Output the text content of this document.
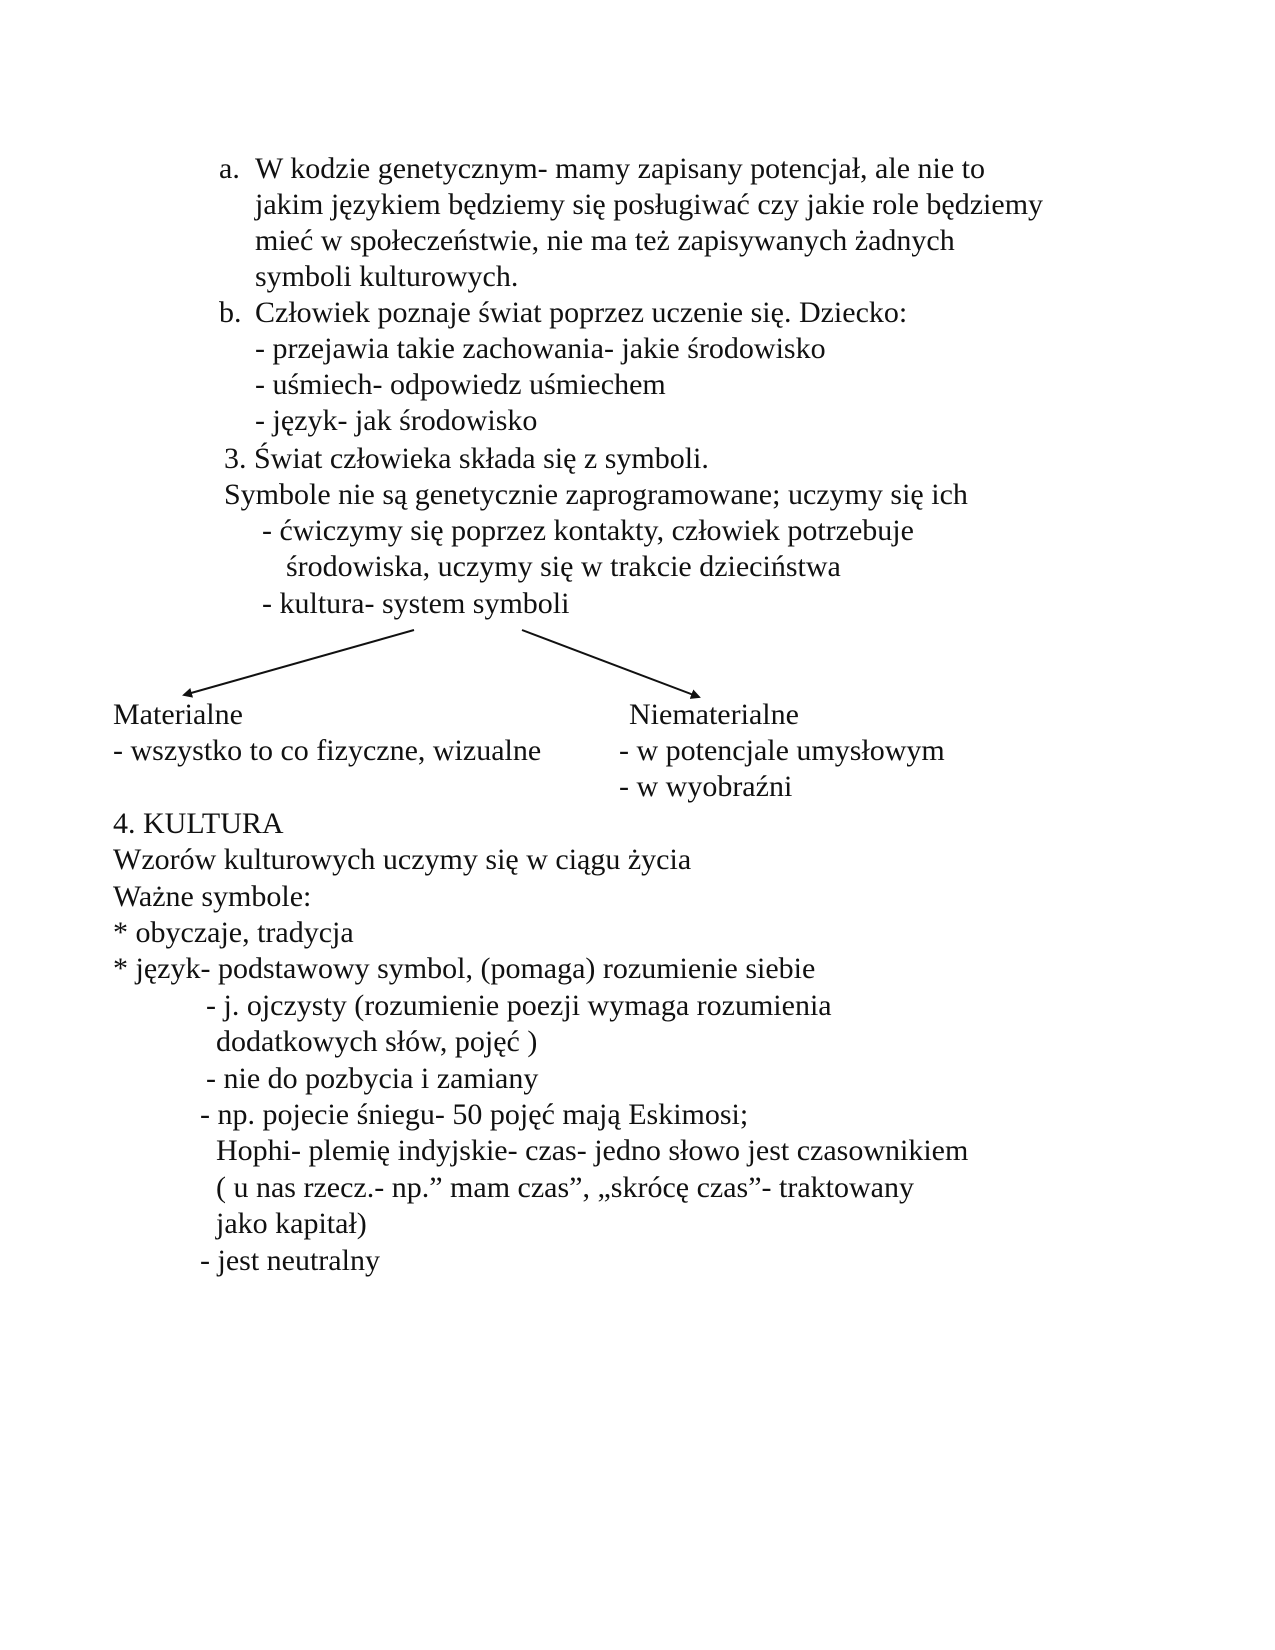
a. W kodzie genetycznym- mamy zapisany potencjał, ale nie to
jakim językiem będziemy się posługiwać czy jakie role będziemy
mieć w społeczeństwie, nie ma też zapisywanych żadnych
symboli kulturowych.
b. Człowiek poznaje świat poprzez uczenie się. Dziecko:
- przejawia takie zachowania- jakie środowisko
- uśmiech- odpowiedz uśmiechem
- język- jak środowisko
3. Świat człowieka składa się z symboli.
Symbole nie są genetycznie zaprogramowane; uczymy się ich
- ćwiczymy się poprzez kontakty, człowiek potrzebuje
środowiska, uczymy się w trakcie dzieciństwa
- kultura- system symboli
Materialne
- wszystko to co fizyczne, wizualne
Niematerialne
- w potencjale umysłowym
- w wyobraźni
4. KULTURA
Wzorów kulturowych uczymy się w ciągu życia
Ważne symbole:
* obyczaje, tradycja
* język- podstawowy symbol, (pomaga) rozumienie siebie
- j. ojczysty (rozumienie poezji wymaga rozumienia
dodatkowych słów, pojęć )
- nie do pozbycia i zamiany
- np. pojecie śniegu- 50 pojęć mają Eskimosi;
Hophi- plemię indyjskie- czas- jedno słowo jest czasownikiem
( u nas rzecz.- np.” mam czas”, „skrócę czas”- traktowany
jako kapitał)
- jest neutralny
